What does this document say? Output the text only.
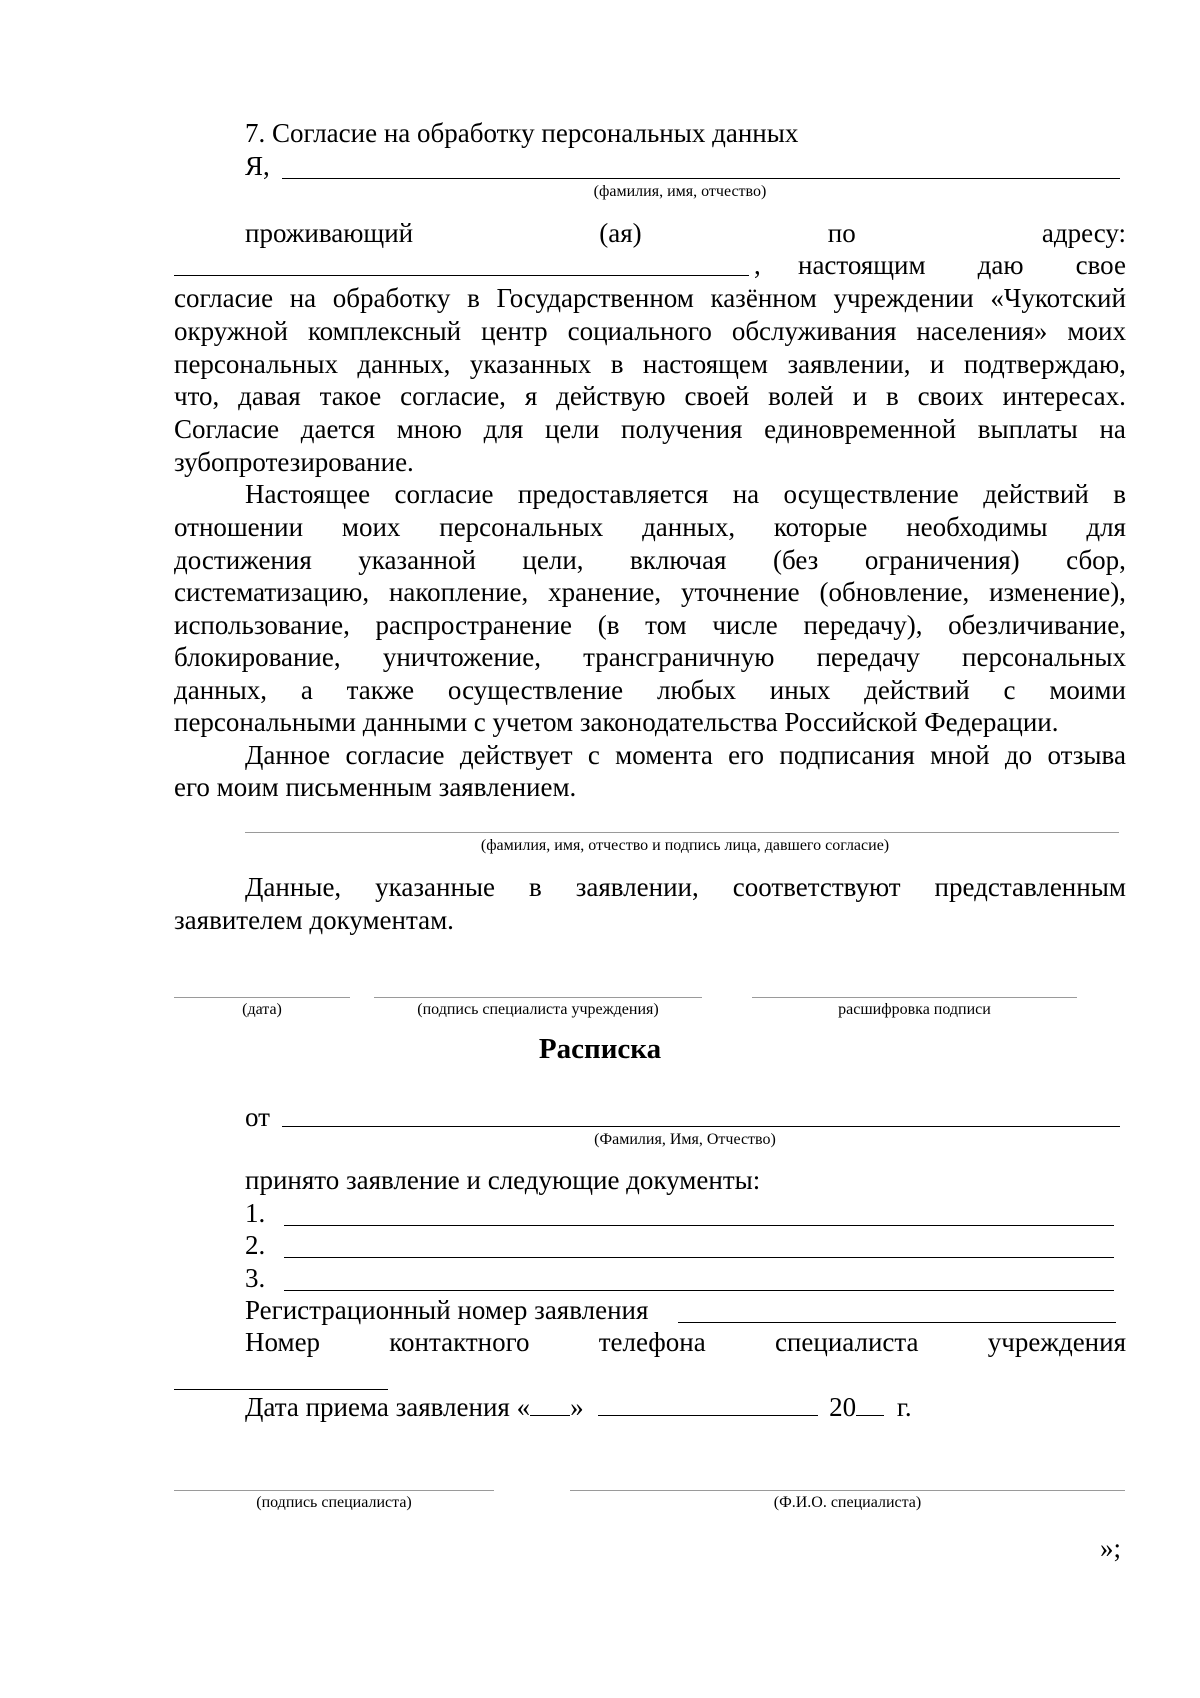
7. Согласие на обработку персональных данных
Я,
(фамилия, имя, отчество)
проживающий	(ая)	по	адресу:
, настоящим даю свое
согласие на обработку в Государственном казённом учреждении «Чукотский
окружной комплексный центр социального обслуживания населения» моих
персональных данных, указанных в настоящем заявлении, и подтверждаю,
что, давая такое согласие, я действую своей волей и в своих интересах.
Согласие дается мною для цели получения единовременной выплаты на
зубопротезирование.
Настоящее согласие предоставляется на осуществление действий в
отношении моих персональных данных, которые необходимы для
достижения указанной цели, включая (без ограничения) сбор,
систематизацию, накопление, хранение, уточнение (обновление, изменение),
использование, распространение (в том числе передачу), обезличивание,
блокирование, уничтожение, трансграничную передачу персональных
данных, а также осуществление любых иных действий с моими
персональными данными с учетом законодательства Российской Федерации.
Данное согласие действует с момента его подписания мной до отзыва
его моим письменным заявлением.
(фамилия, имя, отчество и подпись лица, давшего согласие)
Данные, указанные в заявлении, соответствуют представленным
заявителем документам.
(дата)	(подпись специалиста учреждения)	расшифровка подписи
Расписка
от
(Фамилия, Имя, Отчество)
принято заявление и следующие документы:
1.
2.
3.
Регистрационный номер заявления
Номер	контактного	телефона	специалиста	учреждения
Дата приема заявления « »	20 г.
(подпись специалиста)	(Ф.И.О. специалиста)
»;
